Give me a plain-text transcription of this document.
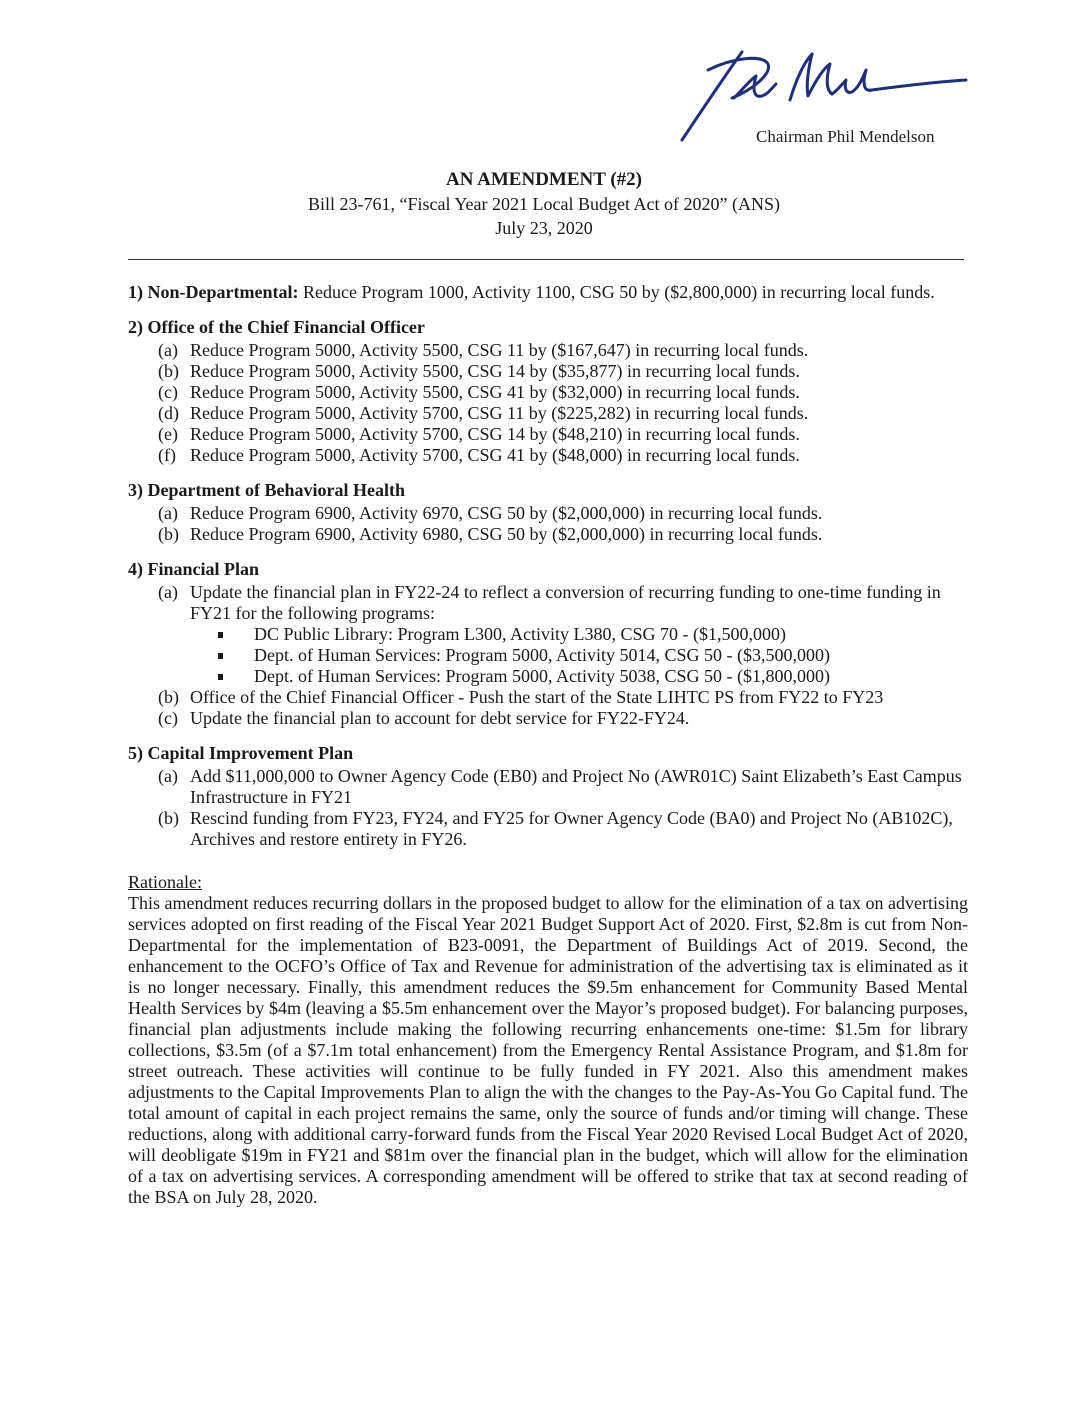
Chairman Phil Mendelson
AN AMENDMENT (#2)
Bill 23-761, “Fiscal Year 2021 Local Budget Act of 2020” (ANS)
July 23, 2020
1) Non-Departmental: Reduce Program 1000, Activity 1100, CSG 50 by ($2,800,000) in recurring local funds.
2) Office of the Chief Financial Officer
(a) Reduce Program 5000, Activity 5500, CSG 11 by ($167,647) in recurring local funds.
(b) Reduce Program 5000, Activity 5500, CSG 14 by ($35,877) in recurring local funds.
(c) Reduce Program 5000, Activity 5500, CSG 41 by ($32,000) in recurring local funds.
(d) Reduce Program 5000, Activity 5700, CSG 11 by ($225,282) in recurring local funds.
(e) Reduce Program 5000, Activity 5700, CSG 14 by ($48,210) in recurring local funds.
(f) Reduce Program 5000, Activity 5700, CSG 41 by ($48,000) in recurring local funds.
3) Department of Behavioral Health
(a) Reduce Program 6900, Activity 6970, CSG 50 by ($2,000,000) in recurring local funds.
(b) Reduce Program 6900, Activity 6980, CSG 50 by ($2,000,000) in recurring local funds.
4) Financial Plan
(a) Update the financial plan in FY22-24 to reflect a conversion of recurring funding to one-time funding in FY21 for the following programs:
DC Public Library: Program L300, Activity L380, CSG 70 - ($1,500,000)
Dept. of Human Services: Program 5000, Activity 5014, CSG 50 - ($3,500,000)
Dept. of Human Services: Program 5000, Activity 5038, CSG 50 - ($1,800,000)
(b) Office of the Chief Financial Officer - Push the start of the State LIHTC PS from FY22 to FY23
(c) Update the financial plan to account for debt service for FY22-FY24.
5) Capital Improvement Plan
(a) Add $11,000,000 to Owner Agency Code (EB0) and Project No (AWR01C) Saint Elizabeth’s East Campus Infrastructure in FY21
(b) Rescind funding from FY23, FY24, and FY25 for Owner Agency Code (BA0) and Project No (AB102C), Archives and restore entirety in FY26.
Rationale:
This amendment reduces recurring dollars in the proposed budget to allow for the elimination of a tax on advertising services adopted on first reading of the Fiscal Year 2021 Budget Support Act of 2020. First, $2.8m is cut from Non-Departmental for the implementation of B23-0091, the Department of Buildings Act of 2019. Second, the enhancement to the OCFO’s Office of Tax and Revenue for administration of the advertising tax is eliminated as it is no longer necessary. Finally, this amendment reduces the $9.5m enhancement for Community Based Mental Health Services by $4m (leaving a $5.5m enhancement over the Mayor’s proposed budget). For balancing purposes, financial plan adjustments include making the following recurring enhancements one-time: $1.5m for library collections, $3.5m (of a $7.1m total enhancement) from the Emergency Rental Assistance Program, and $1.8m for street outreach. These activities will continue to be fully funded in FY 2021. Also this amendment makes adjustments to the Capital Improvements Plan to align the with the changes to the Pay-As-You Go Capital fund. The total amount of capital in each project remains the same, only the source of funds and/or timing will change. These reductions, along with additional carry-forward funds from the Fiscal Year 2020 Revised Local Budget Act of 2020, will deobligate $19m in FY21 and $81m over the financial plan in the budget, which will allow for the elimination of a tax on advertising services. A corresponding amendment will be offered to strike that tax at second reading of the BSA on July 28, 2020.
